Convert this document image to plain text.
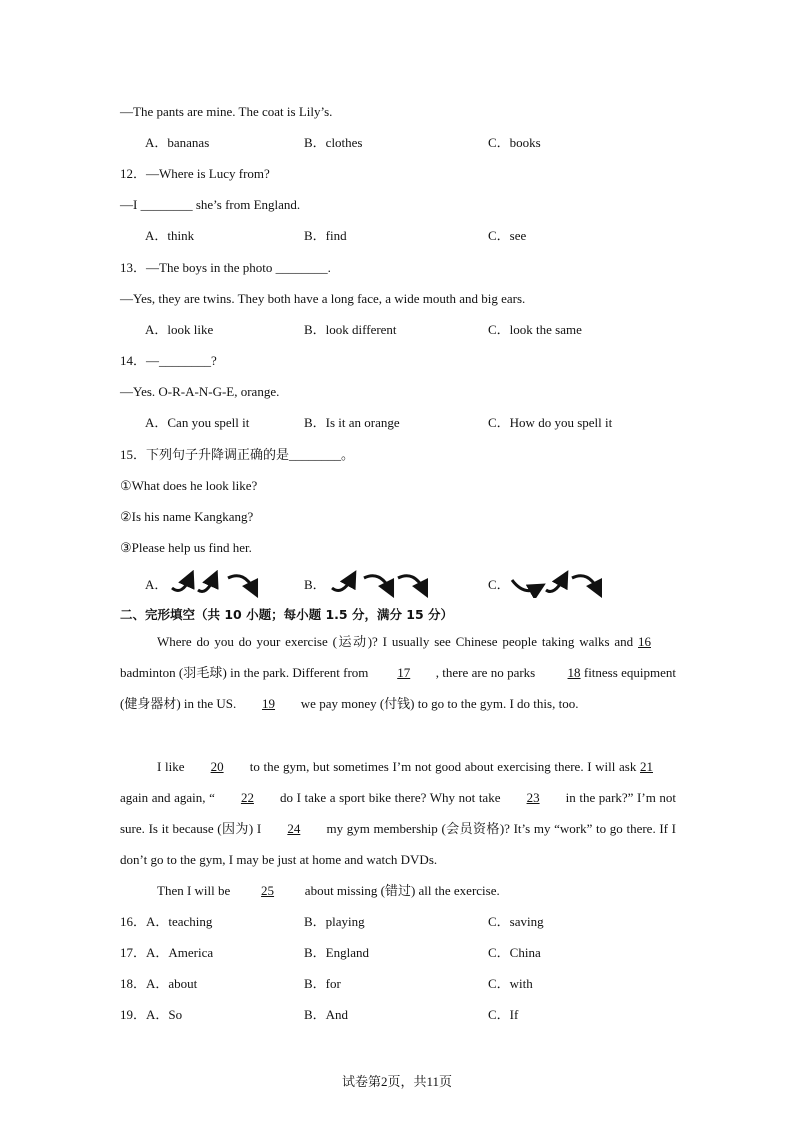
—The pants are mine. The coat is Lily’s.
A．bananas	B．clothes	C．books
12．—Where is Lucy from?
—I ________ she’s from England.
A．think	B．find	C．see
13．—The boys in the photo ________.
—Yes, they are twins. They both have a long face, a wide mouth and big ears.
A．look like	B．look different	C．look the same
14．—________?
—Yes. O-R-A-N-G-E, orange.
A．Can you spell it	B．Is it an orange	C．How do you spell it
15．下列句子升降调正确的是________。
①What does he look like?
②Is his name Kangkang?
③Please help us find her.
A．	B．	C．
二、完形填空（共 10 小题；每小题 1.5 分，满分 15 分）
Where do you do your exercise (运动)? I usually see Chinese people taking walks and 16 badminton (羽毛球) in the park. Different from 17 , there are no parks 18 fitness equipment (健身器材) in the US. 19 we pay money (付钱) to go to the gym. I do this, too.
I like 20 to the gym, but sometimes I’m not good about exercising there. I will ask 21 again and again, “ 22 do I take a sport bike there? Why not take 23 in the park?” I’m not sure. Is it because (因为) I 24 my gym membership (会员资格)? It’s my “work” to go there. If I don’t go to the gym, I may be just at home and watch DVDs.
Then I will be 25 about missing (错过) all the exercise.
16．A．teaching	B．playing	C．saving
17．A．America	B．England	C．China
18．A．about	B．for	C．with
19．A．So	B．And	C．If
试卷第2页，共11页
